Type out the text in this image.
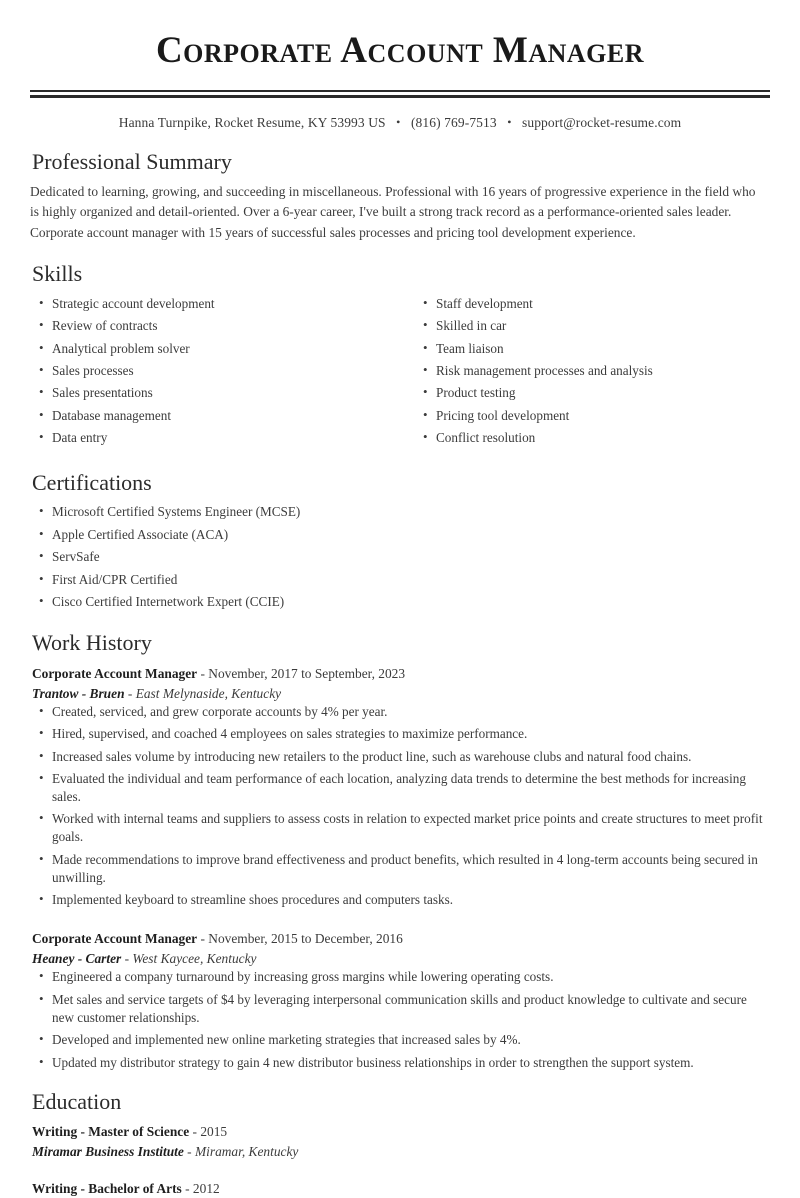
Corporate Account Manager
Hanna Turnpike, Rocket Resume, KY 53993 US • (816) 769-7513 • support@rocket-resume.com
Professional Summary

Dedicated to learning, growing, and succeeding in miscellaneous. Professional with 16 years of progressive experience in the field who is highly organized and detail-oriented. Over a 6-year career, I've built a strong track record as a performance-oriented sales leader. Corporate account manager with 15 years of successful sales processes and pricing tool development experience.

Skills
• Strategic account development
• Review of contracts
• Analytical problem solver
• Sales processes
• Sales presentations
• Database management
• Data entry
• Staff development
• Skilled in car
• Team liaison
• Risk management processes and analysis
• Product testing
• Pricing tool development
• Conflict resolution
Certifications
• Microsoft Certified Systems Engineer (MCSE)
• Apple Certified Associate (ACA)
• ServSafe
• First Aid/CPR Certified
• Cisco Certified Internetwork Expert (CCIE)
Work History
Corporate Account Manager - November, 2017 to September, 2023
Trantow - Bruen - East Melynaside, Kentucky
• Created, serviced, and grew corporate accounts by 4% per year.
• Hired, supervised, and coached 4 employees on sales strategies to maximize performance.
• Increased sales volume by introducing new retailers to the product line, such as warehouse clubs and natural food chains.
• Evaluated the individual and team performance of each location, analyzing data trends to determine the best methods for increasing sales.
• Worked with internal teams and suppliers to assess costs in relation to expected market price points and create structures to meet profit goals.
• Made recommendations to improve brand effectiveness and product benefits, which resulted in 4 long-term accounts being secured in unwilling.
• Implemented keyboard to streamline shoes procedures and computers tasks.
Corporate Account Manager - November, 2015 to December, 2016
Heaney - Carter - West Kaycee, Kentucky
• Engineered a company turnaround by increasing gross margins while lowering operating costs.
• Met sales and service targets of $4 by leveraging interpersonal communication skills and product knowledge to cultivate and secure new customer relationships.
• Developed and implemented new online marketing strategies that increased sales by 4%.
• Updated my distributor strategy to gain 4 new distributor business relationships in order to strengthen the support system.
Education
Writing - Master of Science - 2015
Miramar Business Institute - Miramar, Kentucky
Writing - Bachelor of Arts - 2012
